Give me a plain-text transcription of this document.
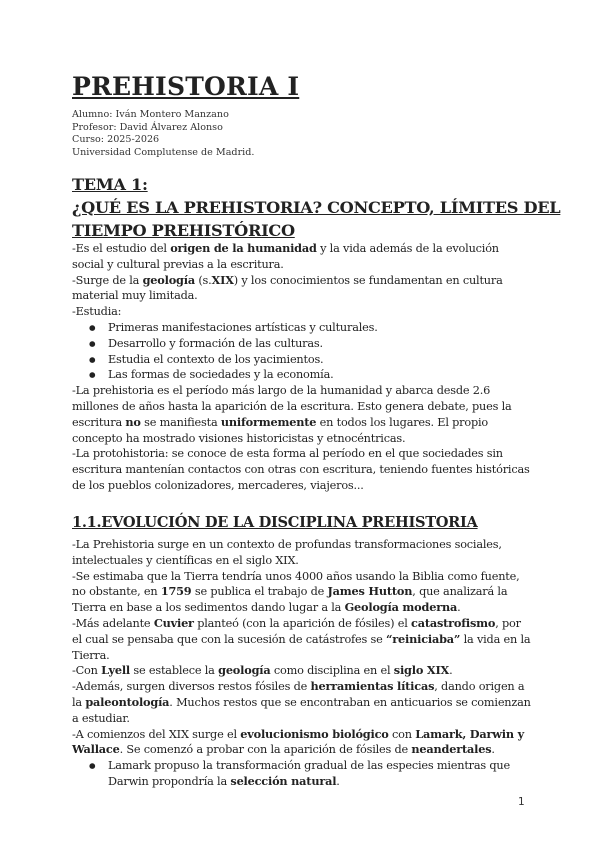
PREHISTORIA I
Alumno: Iván Montero Manzano
Profesor: David Álvarez Alonso
Curso: 2025-2026
Universidad Complutense de Madrid.
TEMA 1:
¿QUÉ ES LA PREHISTORIA? CONCEPTO, LÍMITES DEL
TIEMPO PREHISTÓRICO

-Es el estudio del origen de la humanidad y la vida además de la evolución social y cultural previas a la escritura.

-Surge de la geología (s.XIX) y los conocimientos se fundamentan en cultura material muy limitada.

-Estudia:

● Primeras manifestaciones artísticas y culturales.
● Desarrollo y formación de las culturas.
● Estudia el contexto de los yacimientos.
● Las formas de sociedades y la economía.

-La prehistoria es el período más largo de la humanidad y abarca desde 2.6 millones de años hasta la aparición de la escritura. Esto genera debate, pues la escritura no se manifiesta uniformemente en todos los lugares. El propio concepto ha mostrado visiones historicistas y etnocéntricas.

-La protohistoria: se conoce de esta forma al período en el que sociedades sin escritura mantenían contactos con otras con escritura, teniendo fuentes históricas de los pueblos colonizadores, mercaderes, viajeros...

1.1.EVOLUCIÓN DE LA DISCIPLINA PREHISTORIA

-La Prehistoria surge en un contexto de profundas transformaciones sociales, intelectuales y científicas en el siglo XIX.

-Se estimaba que la Tierra tendría unos 4000 años usando la Biblia como fuente, no obstante, en 1759 se publica el trabajo de James Hutton, que analizará la Tierra en base a los sedimentos dando lugar a la Geología moderna.

-Más adelante Cuvier planteó (con la aparición de fósiles) el catastrofismo, por el cual se pensaba que con la sucesión de catástrofes se “reiniciaba” la vida en la Tierra.

-Con Lyell se establece la geología como disciplina en el siglo XIX.

-Además, surgen diversos restos fósiles de herramientas líticas, dando origen a la paleontología. Muchos restos que se encontraban en anticuarios se comienzan a estudiar.

-A comienzos del XIX surge el evolucionismo biológico con Lamark, Darwin y Wallace. Se comenzó a probar con la aparición de fósiles de neandertales.

● Lamark propuso la transformación gradual de las especies mientras que Darwin propondría la selección natural.
1
